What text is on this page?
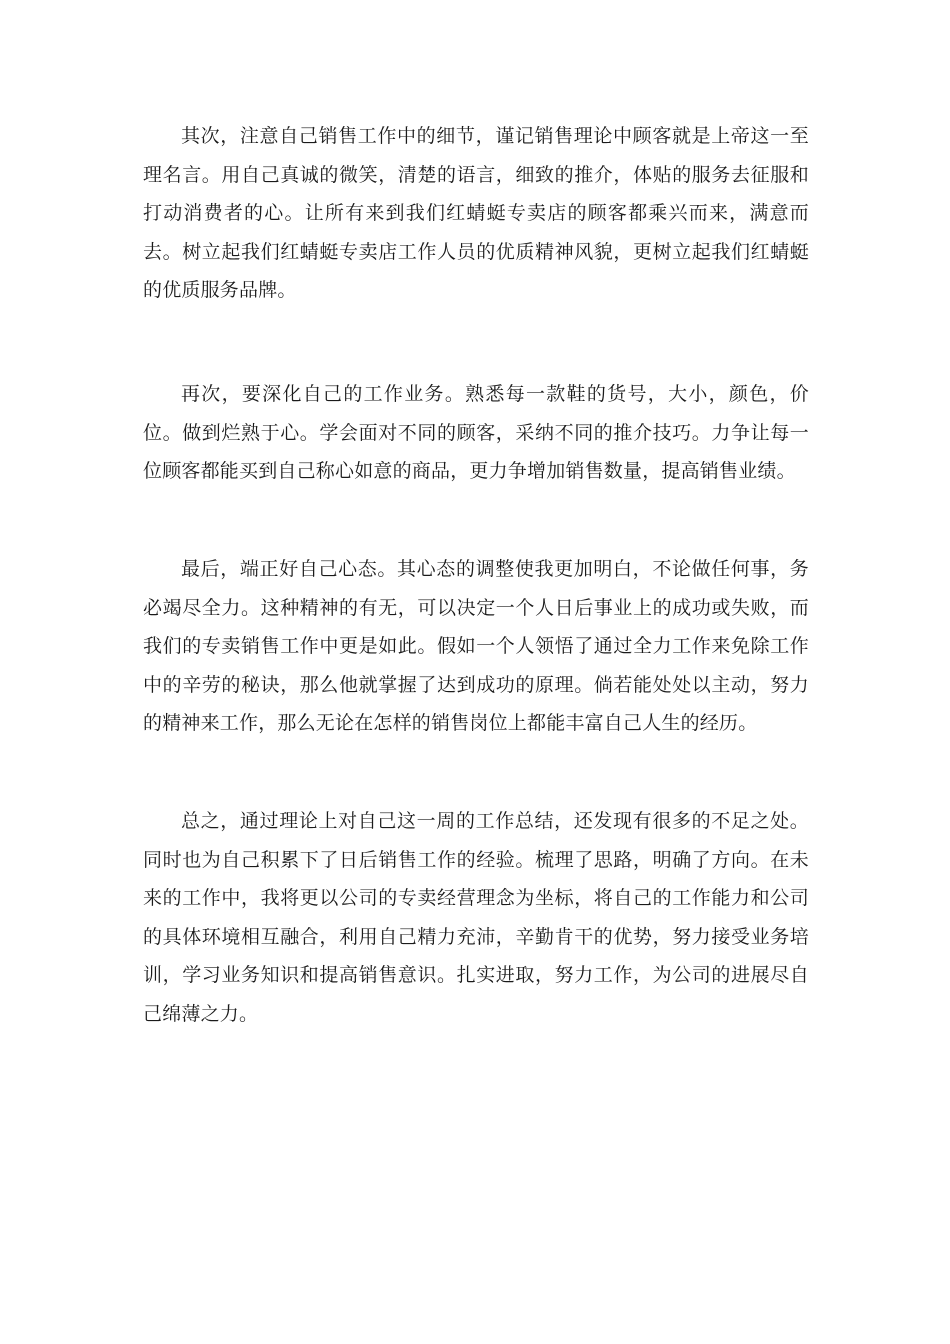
其次，注意自己销售工作中的细节，谨记销售理论中顾客就是上帝这一至理名言。用自己真诚的微笑，清楚的语言，细致的推介，体贴的服务去征服和打动消费者的心。让所有来到我们红蜻蜓专卖店的顾客都乘兴而来，满意而去。树立起我们红蜻蜓专卖店工作人员的优质精神风貌，更树立起我们红蜻蜓的优质服务品牌。

再次，要深化自己的工作业务。熟悉每一款鞋的货号，大小，颜色，价位。做到烂熟于心。学会面对不同的顾客，采纳不同的推介技巧。力争让每一位顾客都能买到自己称心如意的商品，更力争增加销售数量，提高销售业绩。

最后，端正好自己心态。其心态的调整使我更加明白，不论做任何事，务必竭尽全力。这种精神的有无，可以决定一个人日后事业上的成功或失败，而我们的专卖销售工作中更是如此。假如一个人领悟了通过全力工作来免除工作中的辛劳的秘诀，那么他就掌握了达到成功的原理。倘若能处处以主动，努力的精神来工作，那么无论在怎样的销售岗位上都能丰富自己人生的经历。

总之，通过理论上对自己这一周的工作总结，还发现有很多的不足之处。同时也为自己积累下了日后销售工作的经验。梳理了思路，明确了方向。在未来的工作中，我将更以公司的专卖经营理念为坐标，将自己的工作能力和公司的具体环境相互融合，利用自己精力充沛，辛勤肯干的优势，努力接受业务培训，学习业务知识和提高销售意识。扎实进取，努力工作，为公司的进展尽自己绵薄之力。
